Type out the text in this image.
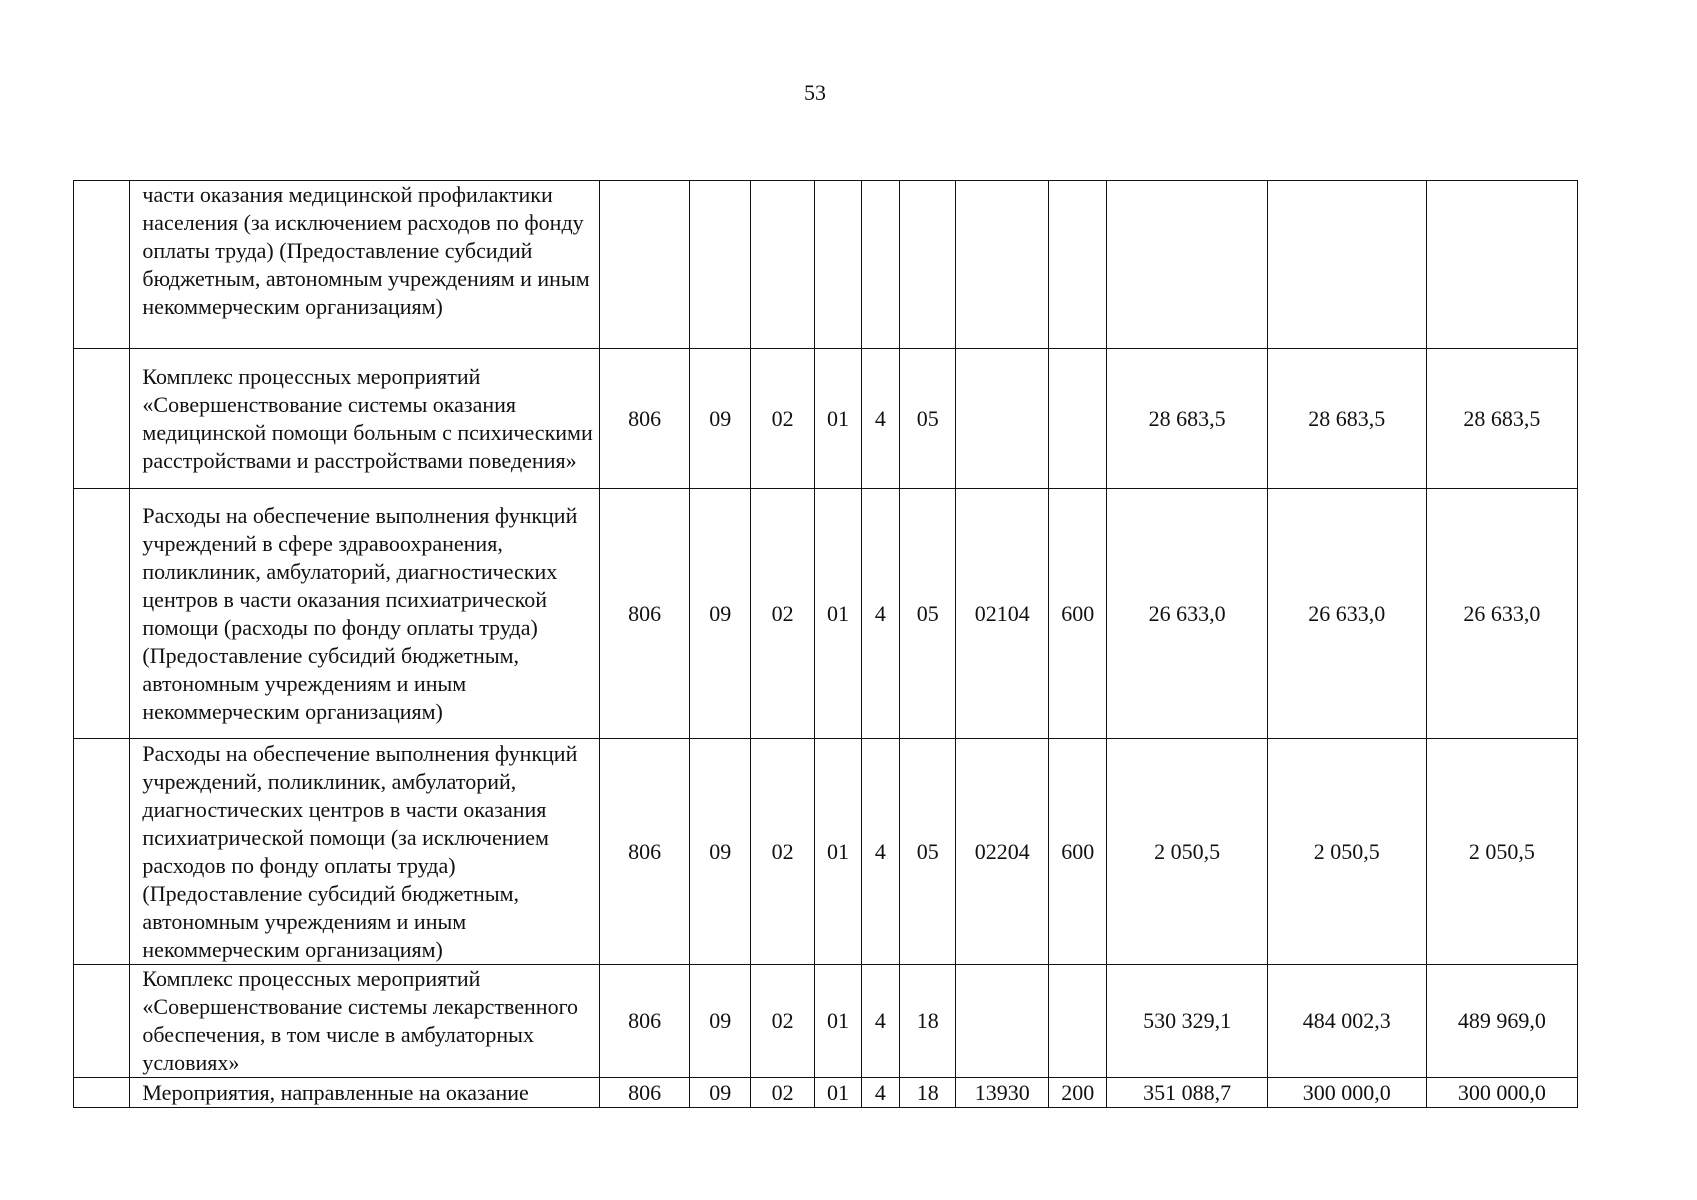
53

	части оказания медицинской профилактики населения (за исключением расходов по фонду оплаты труда) (Предоставление субсидий бюджетным, автономным учреждениям и иным некоммерческим организациям)											

	Комплекс процессных мероприятий «Совершенствование системы оказания медицинской помощи больным с психическими расстройствами и расстройствами поведения»	806	09	02	01	4	05			28 683,5	28 683,5	28 683,5

	Расходы на обеспечение выполнения функций учреждений в сфере здравоохранения, поликлиник, амбулаторий, диагностических центров в части оказания психиатрической помощи (расходы по фонду оплаты труда) (Предоставление субсидий бюджетным, автономным учреждениям и иным некоммерческим организациям)	806	09	02	01	4	05	02104	600	26 633,0	26 633,0	26 633,0

	Расходы на обеспечение выполнения функций учреждений, поликлиник, амбулаторий, диагностических центров в части оказания психиатрической помощи (за исключением расходов по фонду оплаты труда) (Предоставление субсидий бюджетным, автономным учреждениям и иным некоммерческим организациям)	806	09	02	01	4	05	02204	600	2 050,5	2 050,5	2 050,5

	Комплекс процессных мероприятий «Совершенствование системы лекарственного обеспечения, в том числе в амбулаторных условиях»	806	09	02	01	4	18			530 329,1	484 002,3	489 969,0

	Мероприятия, направленные на оказание	806	09	02	01	4	18	13930	200	351 088,7	300 000,0	300 000,0
